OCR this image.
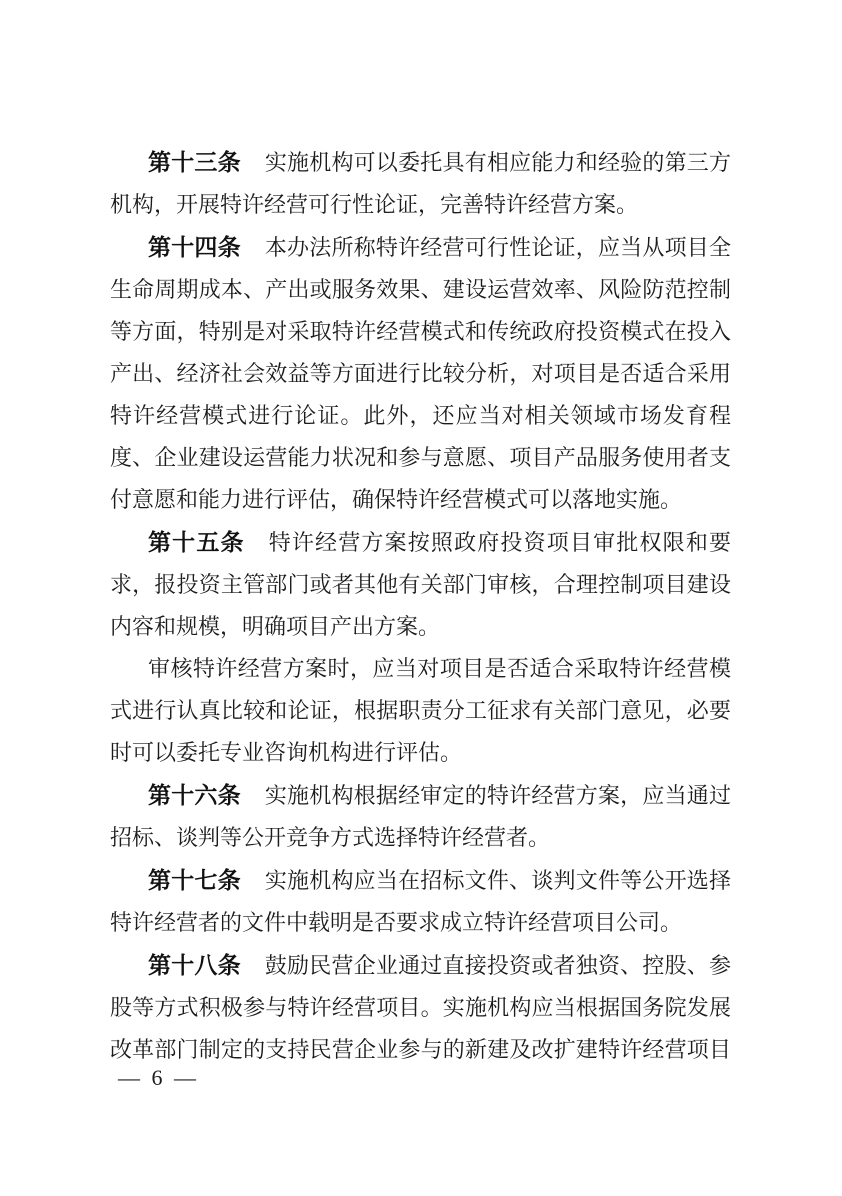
第十三条 实施机构可以委托具有相应能力和经验的第三方机构，开展特许经营可行性论证，完善特许经营方案。

第十四条 本办法所称特许经营可行性论证，应当从项目全生命周期成本、产出或服务效果、建设运营效率、风险防范控制等方面，特别是对采取特许经营模式和传统政府投资模式在投入产出、经济社会效益等方面进行比较分析，对项目是否适合采用特许经营模式进行论证。此外，还应当对相关领域市场发育程度、企业建设运营能力状况和参与意愿、项目产品服务使用者支付意愿和能力进行评估，确保特许经营模式可以落地实施。

第十五条 特许经营方案按照政府投资项目审批权限和要求，报投资主管部门或者其他有关部门审核，合理控制项目建设内容和规模，明确项目产出方案。

审核特许经营方案时，应当对项目是否适合采取特许经营模式进行认真比较和论证，根据职责分工征求有关部门意见，必要时可以委托专业咨询机构进行评估。

第十六条 实施机构根据经审定的特许经营方案，应当通过招标、谈判等公开竞争方式选择特许经营者。

第十七条 实施机构应当在招标文件、谈判文件等公开选择特许经营者的文件中载明是否要求成立特许经营项目公司。

第十八条 鼓励民营企业通过直接投资或者独资、控股、参股等方式积极参与特许经营项目。实施机构应当根据国务院发展改革部门制定的支持民营企业参与的新建及改扩建特许经营项目

— 6 —
